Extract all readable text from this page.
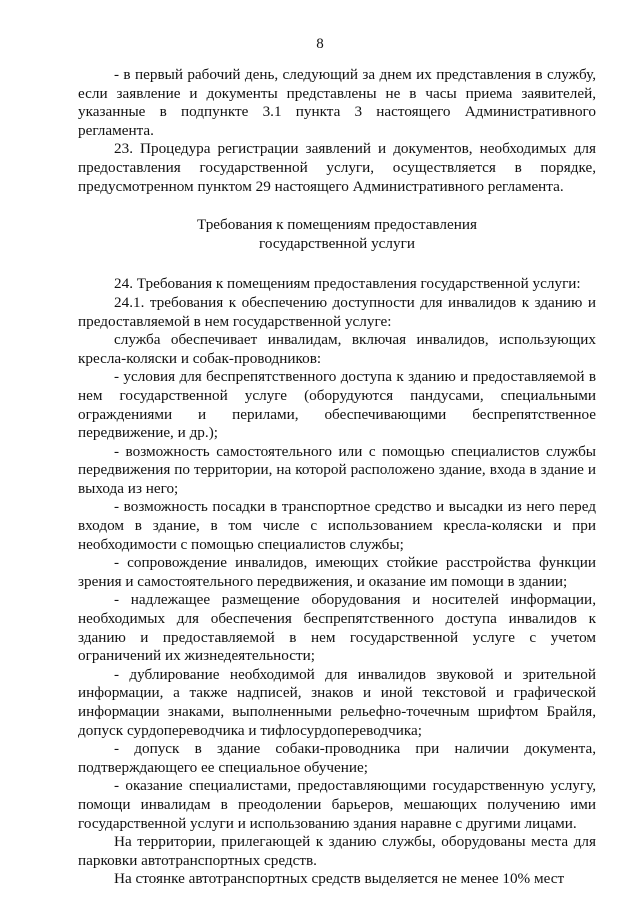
8

- в первый рабочий день, следующий за днем их представления в службу, если заявление и документы представлены не в часы приема заявителей, указанные в подпункте 3.1 пункта 3 настоящего Административного регламента.

23. Процедура регистрации заявлений и документов, необходимых для предоставления государственной услуги, осуществляется в порядке, предусмотренном пунктом 29 настоящего Административного регламента.

Требования к помещениям предоставления
государственной услуги

24. Требования к помещениям предоставления государственной услуги:

24.1. требования к обеспечению доступности для инвалидов к зданию и предоставляемой в нем государственной услуге:

служба обеспечивает инвалидам, включая инвалидов, использующих кресла-коляски и собак-проводников:

- условия для беспрепятственного доступа к зданию и предоставляемой в нем государственной услуге (оборудуются пандусами, специальными ограждениями и перилами, обеспечивающими беспрепятственное передвижение, и др.);

- возможность самостоятельного или с помощью специалистов службы передвижения по территории, на которой расположено здание, входа в здание и выхода из него;

- возможность посадки в транспортное средство и высадки из него перед входом в здание, в том числе с использованием кресла-коляски и при необходимости с помощью специалистов службы;

- сопровождение инвалидов, имеющих стойкие расстройства функции зрения и самостоятельного передвижения, и оказание им помощи в здании;

- надлежащее размещение оборудования и носителей информации, необходимых для обеспечения беспрепятственного доступа инвалидов к зданию и предоставляемой в нем государственной услуге с учетом ограничений их жизнедеятельности;

- дублирование необходимой для инвалидов звуковой и зрительной информации, а также надписей, знаков и иной текстовой и графической информации знаками, выполненными рельефно-точечным шрифтом Брайля, допуск сурдопереводчика и тифлосурдопереводчика;

- допуск в здание собаки-проводника при наличии документа, подтверждающего ее специальное обучение;

- оказание специалистами, предоставляющими государственную услугу, помощи инвалидам в преодолении барьеров, мешающих получению ими государственной услуги и использованию здания наравне с другими лицами.

На территории, прилегающей к зданию службы, оборудованы места для парковки автотранспортных средств.

На стоянке автотранспортных средств выделяется не менее 10% мест
